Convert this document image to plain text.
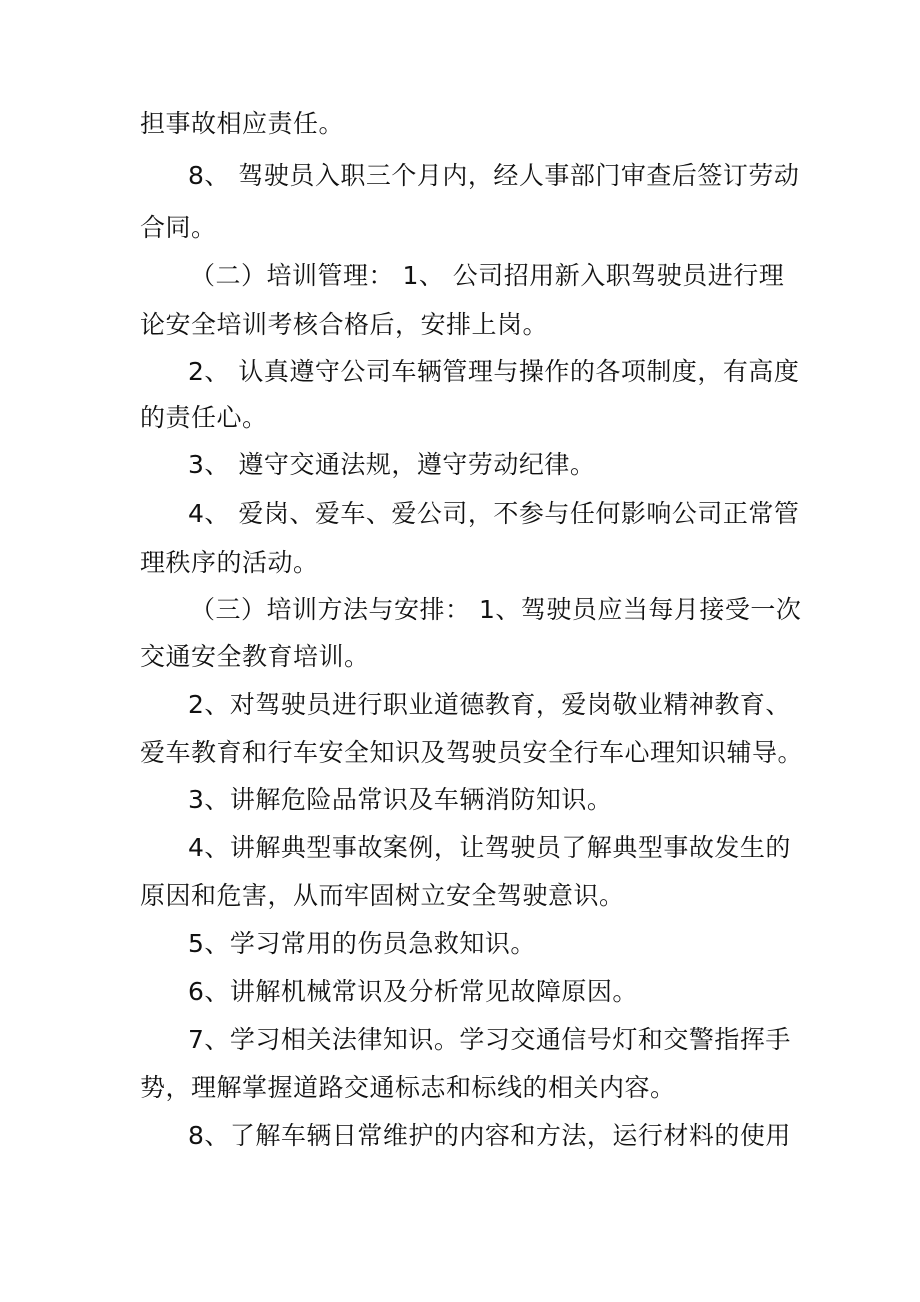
担事故相应责任。
8、 驾驶员入职三个月内，经人事部门审查后签订劳动
合同。
（二）培训管理： 1、 公司招用新入职驾驶员进行理
论安全培训考核合格后，安排上岗。
2、 认真遵守公司车辆管理与操作的各项制度，有高度
的责任心。
3、 遵守交通法规，遵守劳动纪律。
4、 爱岗、爱车、爱公司，不参与任何影响公司正常管
理秩序的活动。
（三）培训方法与安排： 1、驾驶员应当每月接受一次
交通安全教育培训。
2、对驾驶员进行职业道德教育，爱岗敬业精神教育、
爱车教育和行车安全知识及驾驶员安全行车心理知识辅导。
3、讲解危险品常识及车辆消防知识。
4、讲解典型事故案例，让驾驶员了解典型事故发生的
原因和危害，从而牢固树立安全驾驶意识。
5、学习常用的伤员急救知识。
6、讲解机械常识及分析常见故障原因。
7、学习相关法律知识。学习交通信号灯和交警指挥手
势，理解掌握道路交通标志和标线的相关内容。
8、了解车辆日常维护的内容和方法，运行材料的使用
